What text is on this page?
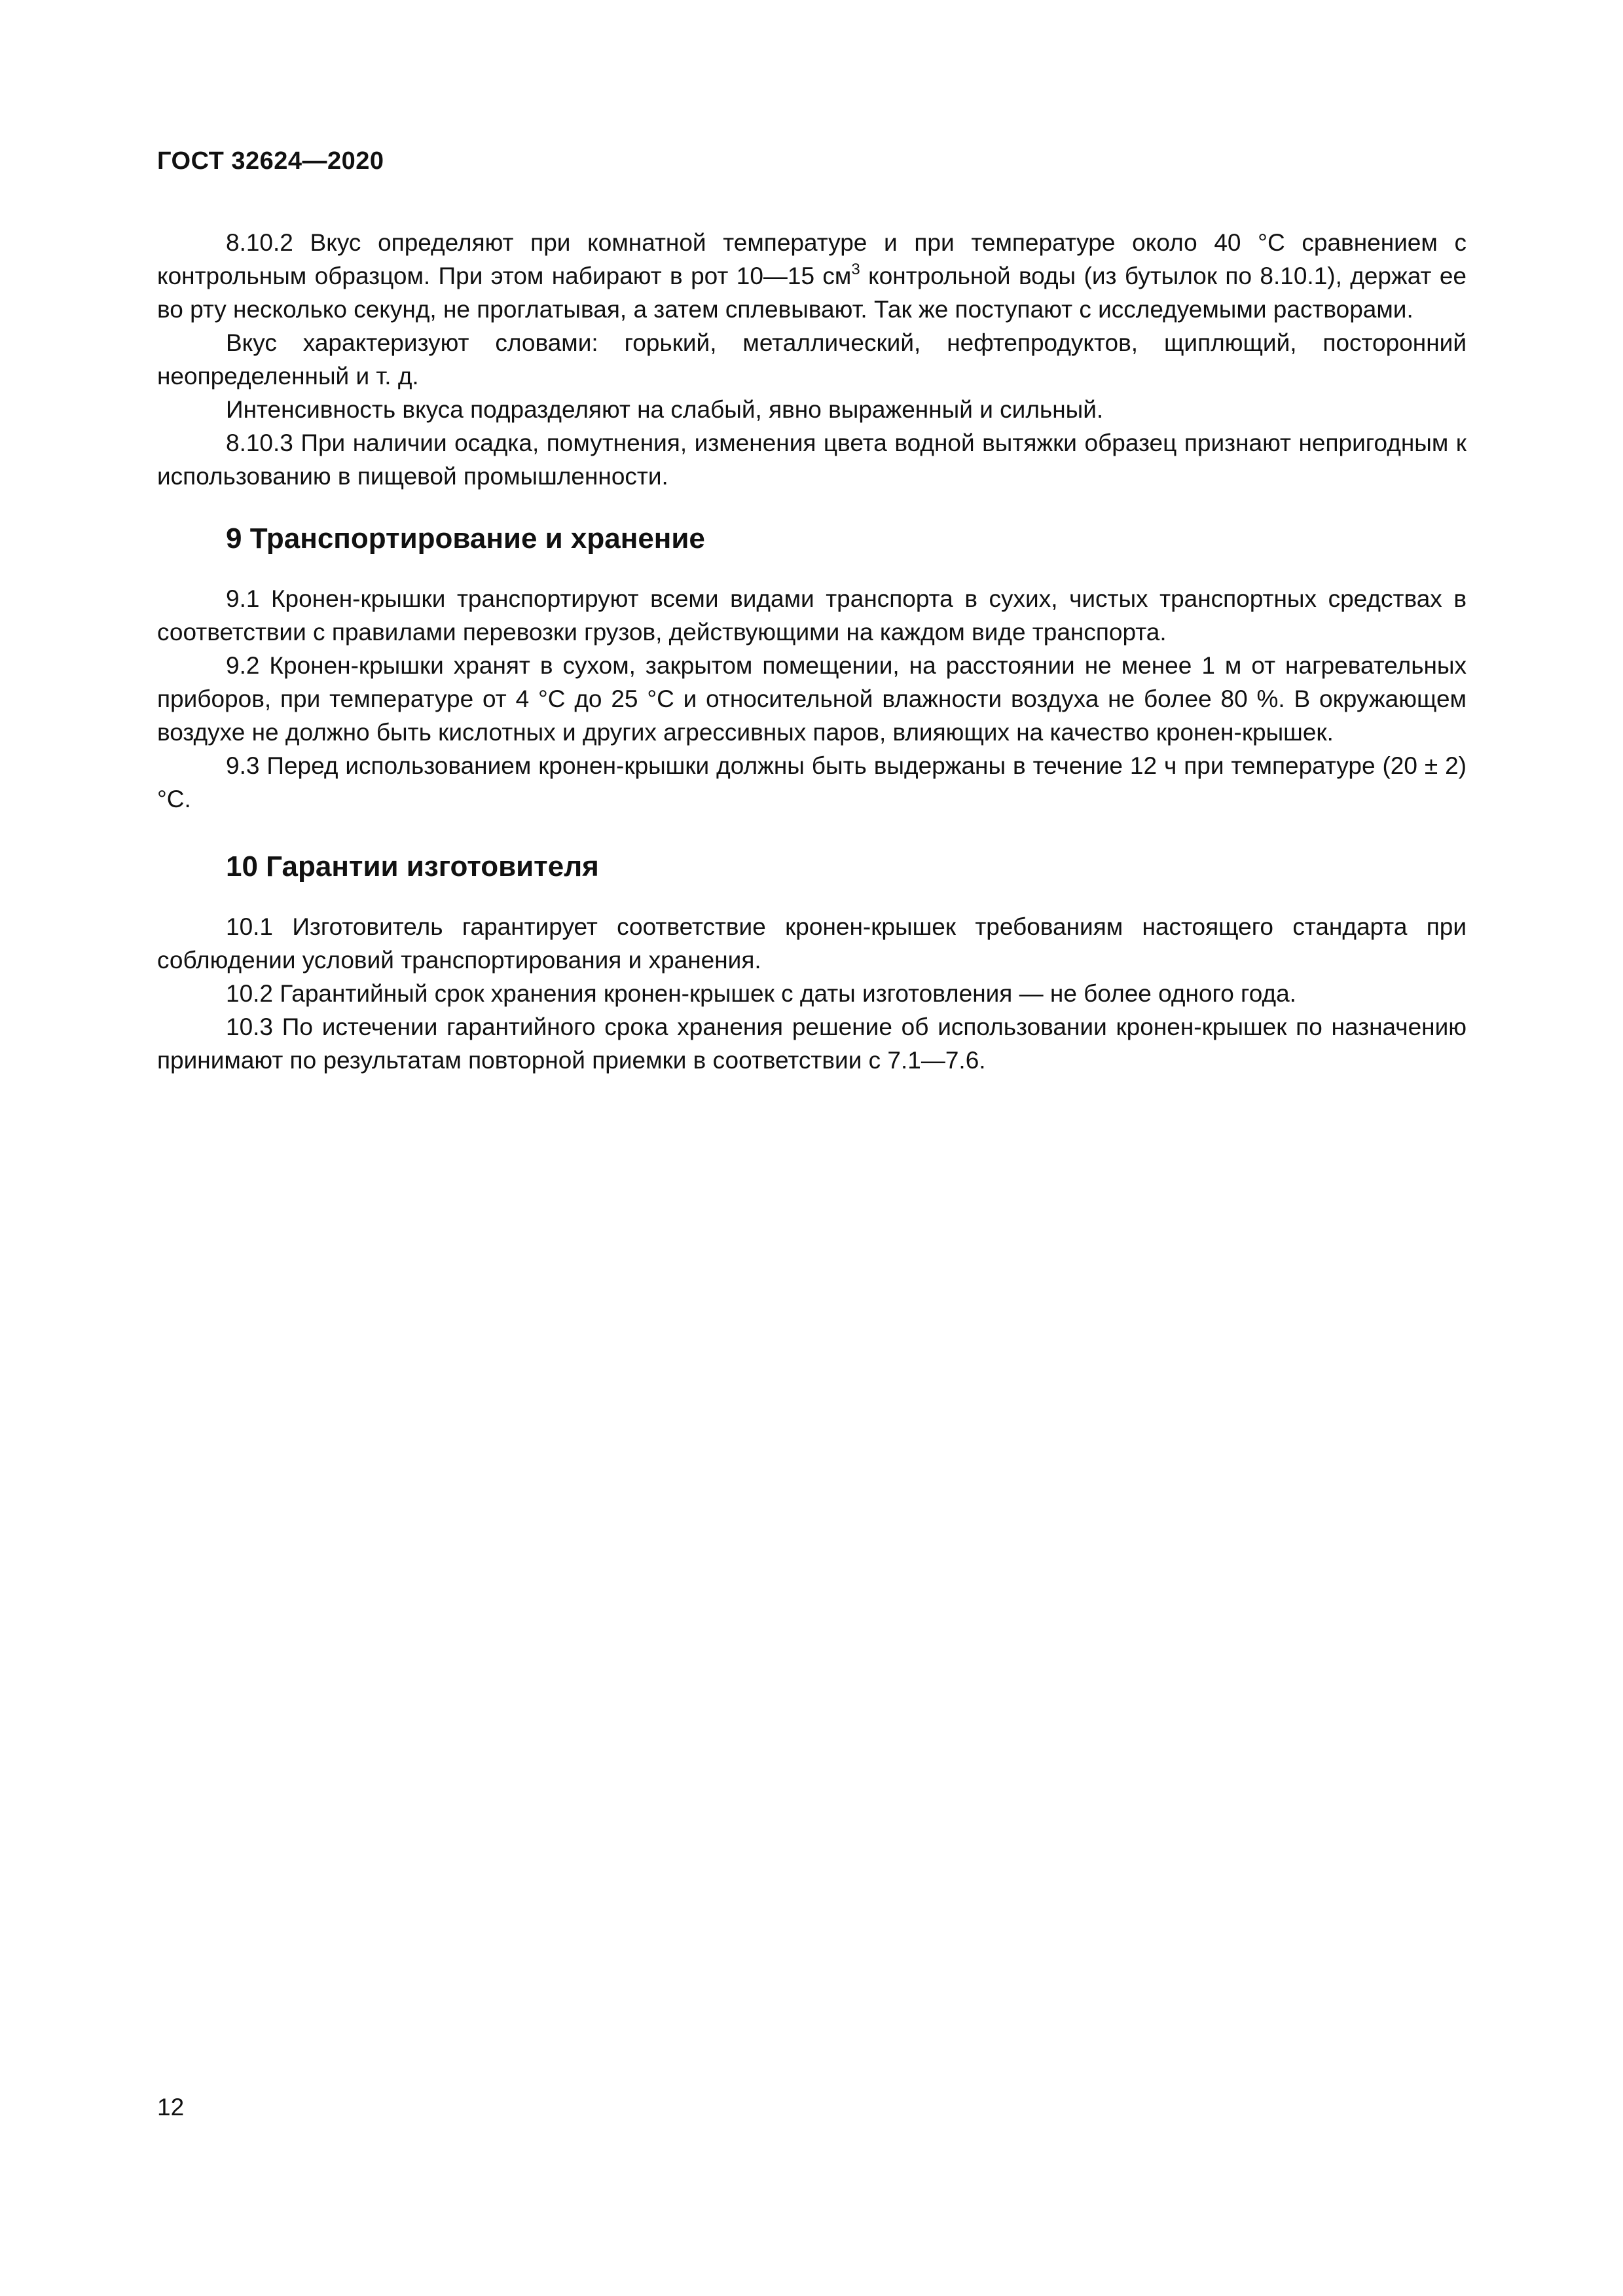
ГОСТ 32624—2020

8.10.2 Вкус определяют при комнатной температуре и при температуре около 40 °С сравнением с контрольным образцом. При этом набирают в рот 10—15 $см^3$ контрольной воды (из бутылок по 8.10.1), держат ее во рту несколько секунд, не проглатывая, а затем сплевывают. Так же поступают с исследуемыми растворами.

Вкус характеризуют словами: горький, металлический, нефтепродуктов, щиплющий, посторонний неопределенный и т. д.

Интенсивность вкуса подразделяют на слабый, явно выраженный и сильный.

8.10.3 При наличии осадка, помутнения, изменения цвета водной вытяжки образец признают непригодным к использованию в пищевой промышленности.

9 Транспортирование и хранение

9.1 Кронен-крышки транспортируют всеми видами транспорта в сухих, чистых транспортных средствах в соответствии с правилами перевозки грузов, действующими на каждом виде транспорта.

9.2 Кронен-крышки хранят в сухом, закрытом помещении, на расстоянии не менее 1 м от нагревательных приборов, при температуре от 4 °С до 25 °С и относительной влажности воздуха не более 80 %. В окружающем воздухе не должно быть кислотных и других агрессивных паров, влияющих на качество кронен-крышек.

9.3 Перед использованием кронен-крышки должны быть выдержаны в течение 12 ч при температуре (20 ± 2) °С.

10 Гарантии изготовителя

10.1 Изготовитель гарантирует соответствие кронен-крышек требованиям настоящего стандарта при соблюдении условий транспортирования и хранения.

10.2 Гарантийный срок хранения кронен-крышек с даты изготовления — не более одного года.

10.3 По истечении гарантийного срока хранения решение об использовании кронен-крышек по назначению принимают по результатам повторной приемки в соответствии с 7.1—7.6.

12
